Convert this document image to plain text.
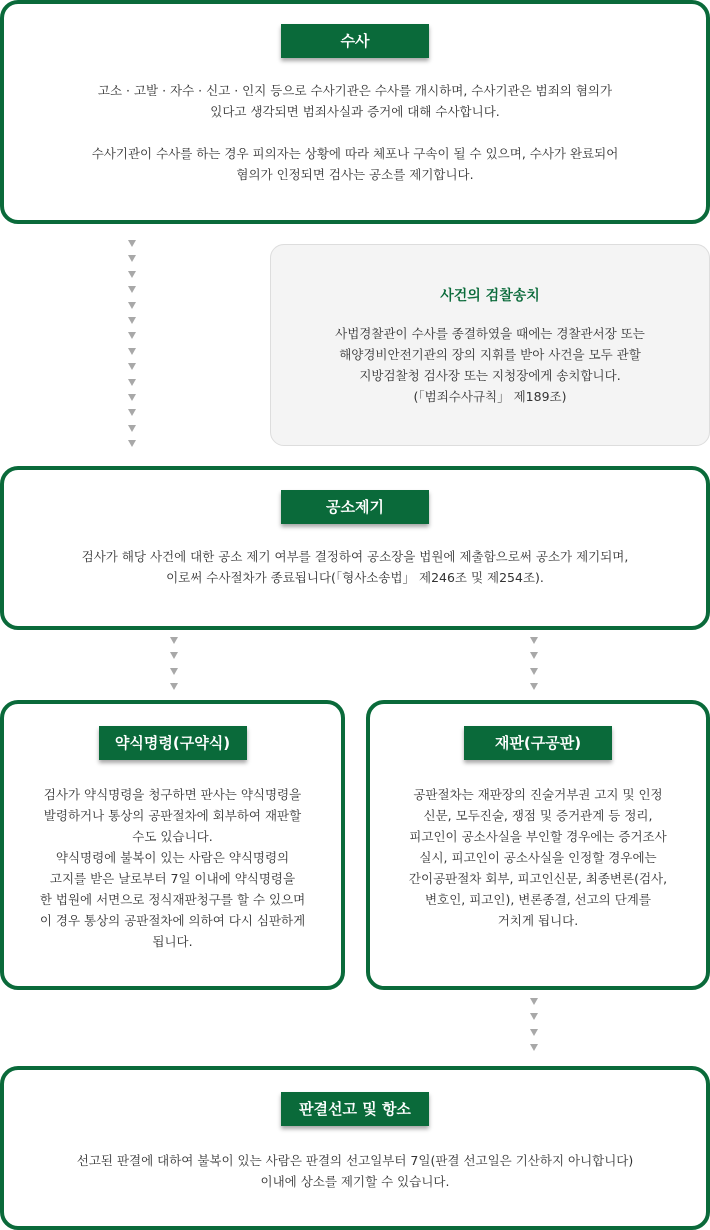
수사
고소 · 고발 · 자수 · 신고 · 인지 등으로 수사기관은 수사를 개시하며, 수사기관은 범죄의 혐의가
있다고 생각되면 범죄사실과 증거에 대해 수사합니다.

수사기관이 수사를 하는 경우 피의자는 상황에 따라 체포나 구속이 될 수 있으며, 수사가 완료되어
혐의가 인정되면 검사는 공소를 제기합니다.
사건의 검찰송치
사법경찰관이 수사를 종결하였을 때에는 경찰관서장 또는
해양경비안전기관의 장의 지휘를 받아 사건을 모두 관할
지방검찰청 검사장 또는 지청장에게 송치합니다.
(「범죄수사규칙」 제189조)
공소제기
검사가 해당 사건에 대한 공소 제기 여부를 결정하여 공소장을 법원에 제출함으로써 공소가 제기되며,
이로써 수사절차가 종료됩니다(「형사소송법」 제246조 및 제254조).
약식명령(구약식)
검사가 약식명령을 청구하면 판사는 약식명령을
발령하거나 통상의 공판절차에 회부하여 재판할
수도 있습니다.
약식명령에 불복이 있는 사람은 약식명령의
고지를 받은 날로부터 7일 이내에 약식명령을
한 법원에 서면으로 정식재판청구를 할 수 있으며
이 경우 통상의 공판절차에 의하여 다시 심판하게
됩니다.
재판(구공판)
공판절차는 재판장의 진술거부권 고지 및 인정
신문, 모두진술, 쟁점 및 증거관계 등 정리,
피고인이 공소사실을 부인할 경우에는 증거조사
실시, 피고인이 공소사실을 인정할 경우에는
간이공판절차 회부, 피고인신문, 최종변론(검사,
변호인, 피고인), 변론종결, 선고의 단계를
거치게 됩니다.
판결선고 및 항소
선고된 판결에 대하여 불복이 있는 사람은 판결의 선고일부터 7일(판결 선고일은 기산하지 아니합니다)
이내에 상소를 제기할 수 있습니다.
